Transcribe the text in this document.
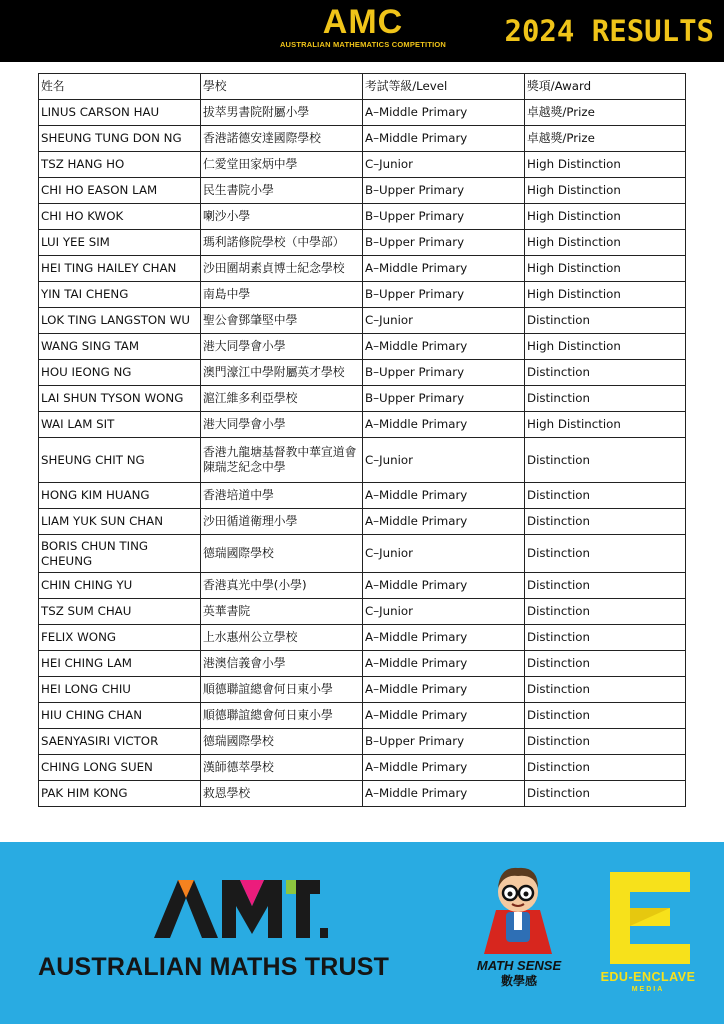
AMC
AUSTRALIAN MATHEMATICS COMPETITION 2024 RESULTS
姓名	學校	考試等級/Level	獎項/Award
LINUS CARSON HAU	拔萃男書院附屬小學	A–Middle Primary	卓越獎/Prize
SHEUNG TUNG DON NG	香港諾德安達國際學校	A–Middle Primary	卓越獎/Prize
TSZ HANG HO	仁愛堂田家炳中學	C–Junior	High Distinction
CHI HO EASON LAM	民生書院小學	B–Upper Primary	High Distinction
CHI HO KWOK	喇沙小學	B–Upper Primary	High Distinction
LUI YEE SIM	瑪利諾修院學校（中學部）	B–Upper Primary	High Distinction
HEI TING HAILEY CHAN	沙田圍胡素貞博士紀念學校	A–Middle Primary	High Distinction
YIN TAI CHENG	南島中學	B–Upper Primary	High Distinction
LOK TING LANGSTON WU	聖公會鄧肇堅中學	C–Junior	Distinction
WANG SING TAM	港大同學會小學	A–Middle Primary	High Distinction
HOU IEONG NG	澳門濠江中學附屬英才學校	B–Upper Primary	Distinction
LAI SHUN TYSON WONG	滬江維多利亞學校	B–Upper Primary	Distinction
WAI LAM SIT	港大同學會小學	A–Middle Primary	High Distinction
SHEUNG CHIT NG	香港九龍塘基督教中華宣道會陳瑞芝紀念中學	C–Junior	Distinction
HONG KIM HUANG	香港培道中學	A–Middle Primary	Distinction
LIAM YUK SUN CHAN	沙田循道衛理小學	A–Middle Primary	Distinction
BORIS CHUN TING CHEUNG	德瑞國際學校	C–Junior	Distinction
CHIN CHING YU	香港真光中學(小學)	A–Middle Primary	Distinction
TSZ SUM CHAU	英華書院	C–Junior	Distinction
FELIX WONG	上水惠州公立學校	A–Middle Primary	Distinction
HEI CHING LAM	港澳信義會小學	A–Middle Primary	Distinction
HEI LONG CHIU	順德聯誼總會何日東小學	A–Middle Primary	Distinction
HIU CHING CHAN	順德聯誼總會何日東小學	A–Middle Primary	Distinction
SAENYASIRI VICTOR	德瑞國際學校	B–Upper Primary	Distinction
CHING LONG SUEN	漢師德萃學校	A–Middle Primary	Distinction
PAK HIM KONG	救恩學校	A–Middle Primary	Distinction
AUSTRALIAN MATHS TRUST	MATH SENSE
數學感	EDU-ENCLAVE
MEDIA
